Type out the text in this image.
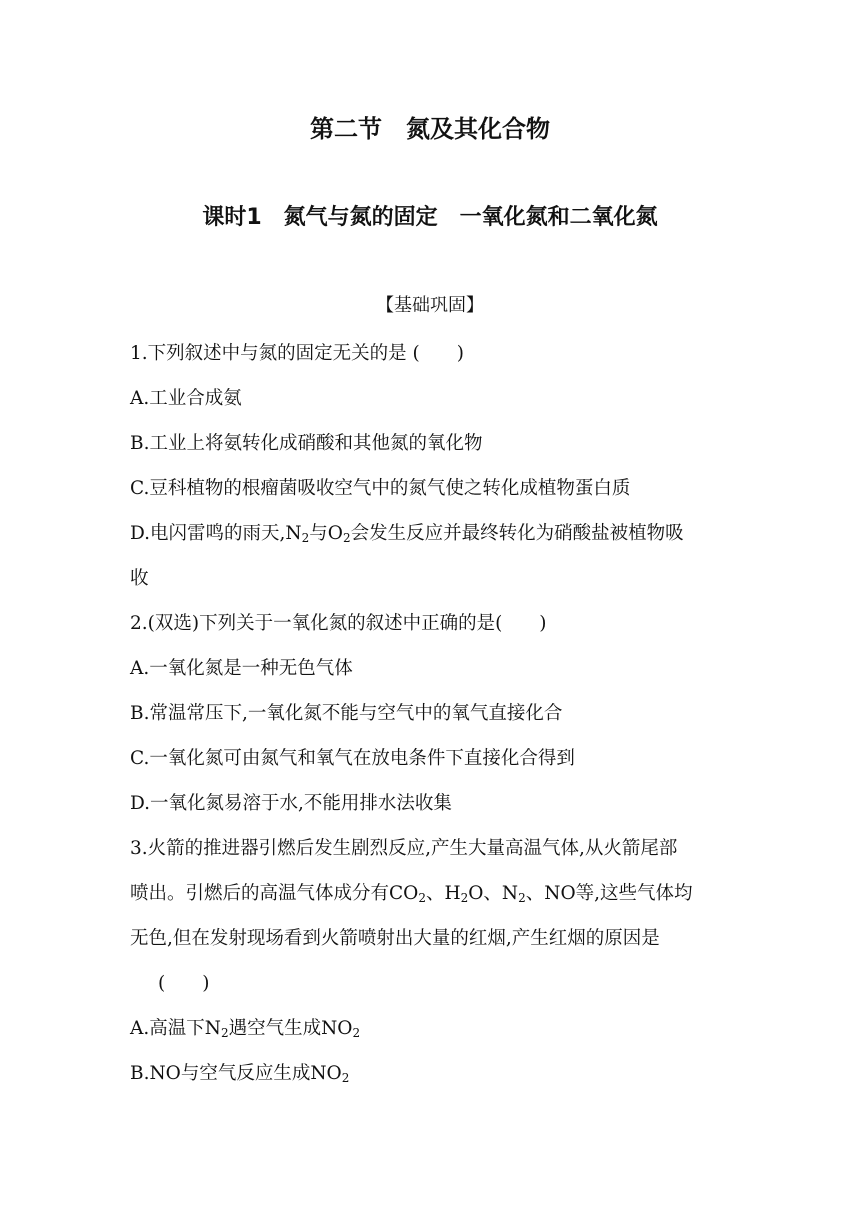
第二节　氮及其化合物
课时1　氮气与氮的固定　一氧化氮和二氧化氮
【基础巩固】
1.下列叙述中与氮的固定无关的是 (　　)
A.工业合成氨
B.工业上将氨转化成硝酸和其他氮的氧化物
C.豆科植物的根瘤菌吸收空气中的氮气使之转化成植物蛋白质
D.电闪雷鸣的雨天$,N_2$与$O_2$会发生反应并最终转化为硝酸盐被植物吸
收
2.(双选)下列关于一氧化氮的叙述中正确的是(　　)
A.一氧化氮是一种无色气体
B.常温常压下,一氧化氮不能与空气中的氧气直接化合
C.一氧化氮可由氮气和氧气在放电条件下直接化合得到
D.一氧化氮易溶于水,不能用排水法收集
3.火箭的推进器引燃后发生剧烈反应,产生大量高温气体,从火箭尾部
喷出。引燃后的高温气体成分有$CO_2$、$H_2O$、$N_2$、NO等,这些气体均
无色,但在发射现场看到火箭喷射出大量的红烟,产生红烟的原因是
(　　)
A.高温下$N_2$遇空气生成$NO_2$
B.NO与空气反应生成$NO_2$
